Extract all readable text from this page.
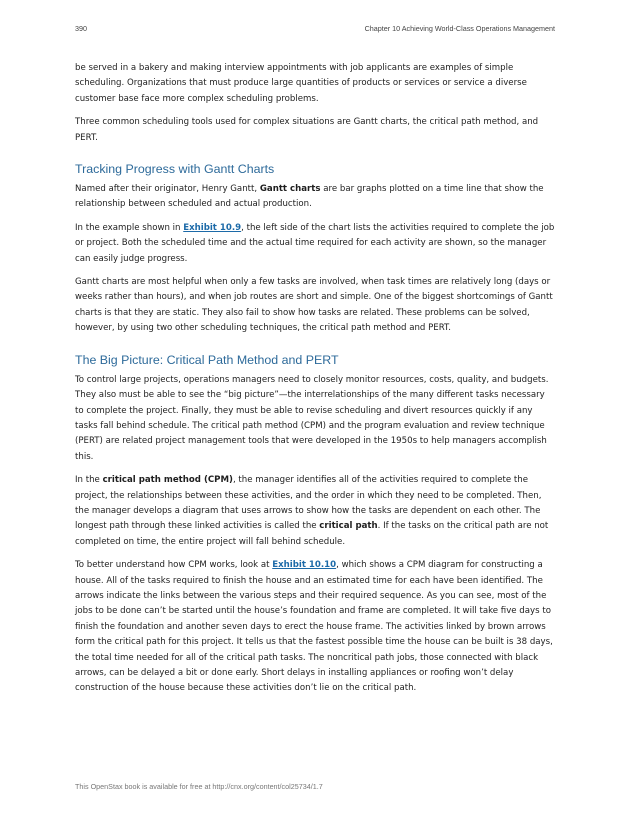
390	Chapter 10 Achieving World-Class Operations Management

be served in a bakery and making interview appointments with job applicants are examples of simple scheduling. Organizations that must produce large quantities of products or services or service a diverse customer base face more complex scheduling problems.

Three common scheduling tools used for complex situations are Gantt charts, the critical path method, and PERT.

Tracking Progress with Gantt Charts

Named after their originator, Henry Gantt, Gantt charts are bar graphs plotted on a time line that show the relationship between scheduled and actual production.

In the example shown in Exhibit 10.9, the left side of the chart lists the activities required to complete the job or project. Both the scheduled time and the actual time required for each activity are shown, so the manager can easily judge progress.

Gantt charts are most helpful when only a few tasks are involved, when task times are relatively long (days or weeks rather than hours), and when job routes are short and simple. One of the biggest shortcomings of Gantt charts is that they are static. They also fail to show how tasks are related. These problems can be solved, however, by using two other scheduling techniques, the critical path method and PERT.

The Big Picture: Critical Path Method and PERT

To control large projects, operations managers need to closely monitor resources, costs, quality, and budgets. They also must be able to see the “big picture”—the interrelationships of the many different tasks necessary to complete the project. Finally, they must be able to revise scheduling and divert resources quickly if any tasks fall behind schedule. The critical path method (CPM) and the program evaluation and review technique (PERT) are related project management tools that were developed in the 1950s to help managers accomplish this.

In the critical path method (CPM), the manager identifies all of the activities required to complete the project, the relationships between these activities, and the order in which they need to be completed. Then, the manager develops a diagram that uses arrows to show how the tasks are dependent on each other. The longest path through these linked activities is called the critical path. If the tasks on the critical path are not completed on time, the entire project will fall behind schedule.

To better understand how CPM works, look at Exhibit 10.10, which shows a CPM diagram for constructing a house. All of the tasks required to finish the house and an estimated time for each have been identified. The arrows indicate the links between the various steps and their required sequence. As you can see, most of the jobs to be done can’t be started until the house’s foundation and frame are completed. It will take five days to finish the foundation and another seven days to erect the house frame. The activities linked by brown arrows form the critical path for this project. It tells us that the fastest possible time the house can be built is 38 days, the total time needed for all of the critical path tasks. The noncritical path jobs, those connected with black arrows, can be delayed a bit or done early. Short delays in installing appliances or roofing won’t delay construction of the house because these activities don’t lie on the critical path.

This OpenStax book is available for free at http://cnx.org/content/col25734/1.7
